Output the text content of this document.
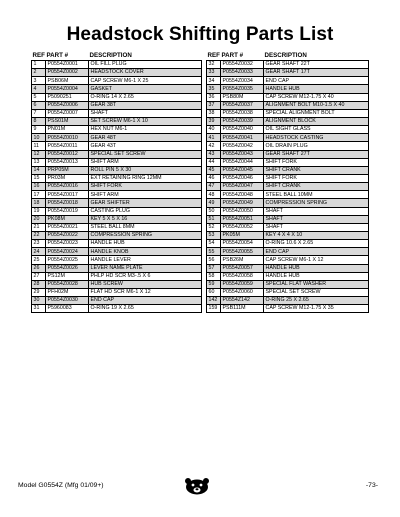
Headstock Shifting Parts List
REF	PART #	DESCRIPTION
1	P0554Z0001	OIL FILL PLUG
2	P0554Z0002	HEADSTOCK COVER
3	PSB06M	CAP SCREW M6-1 X 25
4	P0554Z0004	GASKET
5	P5090251	O-RING 14 X 2.65
6	P0554Z0006	GEAR 38T
7	P0554Z0007	SHAFT
8	PSS01M	SET SCREW M6-1 X 10
9	PN01M	HEX NUT M6-1
10	P0554Z0010	GEAR 48T
11	P0554Z0011	GEAR 43T
12	P0554Z0012	SPECIAL SET SCREW
13	P0554Z0013	SHIFT ARM
14	PRP05M	ROLL PIN 5 X 30
15	PR03M	EXT RETAINING RING 12MM
16	P0554Z0016	SHIFT FORK
17	P0554Z0017	SHIFT ARM
18	P0554Z0018	GEAR SHIFTER
19	P0554Z0019	CASTING PLUG
20	PK08M	KEY 5 X 5 X 16
21	P0554Z0021	STEEL BALL 8MM
22	P0554Z0022	COMPRESSION SPRING
23	P0554Z0023	HANDLE HUB
24	P0554Z0024	HANDLE KNOB
25	P0554Z0025	HANDLE LEVER
26	P0554Z0026	LEVER NAME PLATE
27	PS12M	PHLP HD SCR M3-.5 X 6
28	P0554Z0028	HUB SCREW
29	PFH02M	FLAT HD SCR M6-1 X 12
30	P0554Z0030	END CAP
31	P5960083	O-RING 19 X 2.65
REF	PART #	DESCRIPTION
32	P0554Z0032	GEAR SHAFT 22T
33	P0554Z0033	GEAR SHAFT 17T
34	P0554Z0034	END CAP
35	P0554Z0035	HANDLE HUB
36	PSB80M	CAP SCREW M12-1.75 X 40
37	P0554Z0037	ALIGNMENT BOLT M10-1.5 X 40
38	P0554Z0038	SPECIAL ALIGNMENT BOLT
39	P0554Z0039	ALIGNMENT BLOCK
40	P0554Z0040	OIL SIGHT GLASS
41	P0554Z0041	HEADSTOCK CASTING
42	P0554Z0042	OIL DRAIN PLUG
43	P0554Z0043	GEAR SHAFT 27T
44	P0554Z0044	SHIFT FORK
45	P0554Z0045	SHIFT CRANK
46	P0554Z0046	SHIFT FORK
47	P0554Z0047	SHIFT CRANK
48	P0554Z0048	STEEL BALL 10MM
49	P0554Z0049	COMPRESSION SPRING
50	P0554Z0050	SHAFT
51	P0554Z0051	SHAFT
52	P0554Z0052	SHAFT
53	PK05M	KEY 4 X 4 X 10
54	P0554Z0054	O-RING 10.6 X 2.65
55	P0554Z0055	END CAP
56	PSB26M	CAP SCREW M6-1 X 12
57	P0554Z0057	HANDLE HUB
58	P0554Z0058	HANDLE HUB
59	P0554Z0059	SPECIAL FLAT WASHER
60	P0554Z0060	SPECIAL SET SCREW
142	P0554Z142	O-RING 25 X 2.65
159	PSB111M	CAP SCREW M12-1.75 X 35
Model G0554Z (Mfg 01/09+)	-73-
